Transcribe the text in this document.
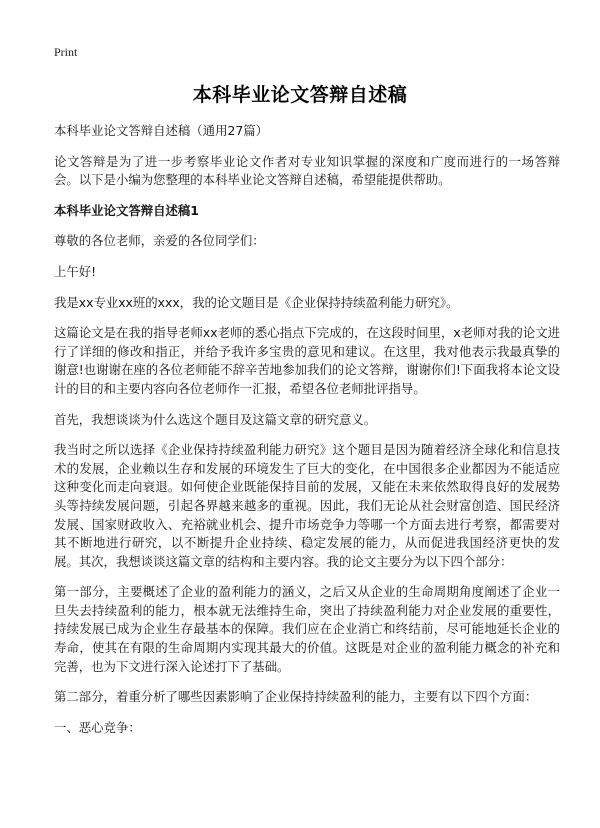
Print
本科毕业论文答辩自述稿

本科毕业论文答辩自述稿（通用27篇）

论文答辩是为了进一步考察毕业论文作者对专业知识掌握的深度和广度而进行的一场答辩会。以下是小编为您整理的本科毕业论文答辩自述稿，希望能提供帮助。

本科毕业论文答辩自述稿1

尊敬的各位老师，亲爱的各位同学们：

上午好!

我是xx专业xx班的xxx，我的论文题目是《企业保持持续盈利能力研究》。

这篇论文是在我的指导老师xx老师的悉心指点下完成的，在这段时间里，x老师对我的论文进行了详细的修改和指正，并给予我许多宝贵的意见和建议。在这里，我对他表示我最真挚的谢意!也谢谢在座的各位老师能不辞辛苦地参加我们的论文答辩，谢谢你们!下面我将本论文设计的目的和主要内容向各位老师作一汇报，希望各位老师批评指导。

首先，我想谈谈为什么选这个题目及这篇文章的研究意义。

我当时之所以选择《企业保持持续盈利能力研究》这个题目是因为随着经济全球化和信息技术的发展，企业赖以生存和发展的环境发生了巨大的变化，在中国很多企业都因为不能适应这种变化而走向衰退。如何使企业既能保持目前的发展，又能在未来依然取得良好的发展势头等持续发展问题，引起各界越来越多的重视。因此，我们无论从社会财富创造、国民经济发展、国家财政收入、充裕就业机会、提升市场竞争力等哪一个方面去进行考察，都需要对其不断地进行研究，以不断提升企业持续、稳定发展的能力，从而促进我国经济更快的发展。其次，我想谈谈这篇文章的结构和主要内容。我的论文主要分为以下四个部分：

第一部分，主要概述了企业的盈利能力的涵义，之后又从企业的生命周期角度阐述了企业一旦失去持续盈利的能力，根本就无法维持生命，突出了持续盈利能力对企业发展的重要性，持续发展已成为企业生存最基本的保障。我们应在企业消亡和终结前，尽可能地延长企业的寿命，使其在有限的生命周期内实现其最大的价值。这既是对企业的盈利能力概念的补充和完善，也为下文进行深入论述打下了基础。

第二部分，着重分析了哪些因素影响了企业保持持续盈利的能力，主要有以下四个方面：

一、恶心竞争：
